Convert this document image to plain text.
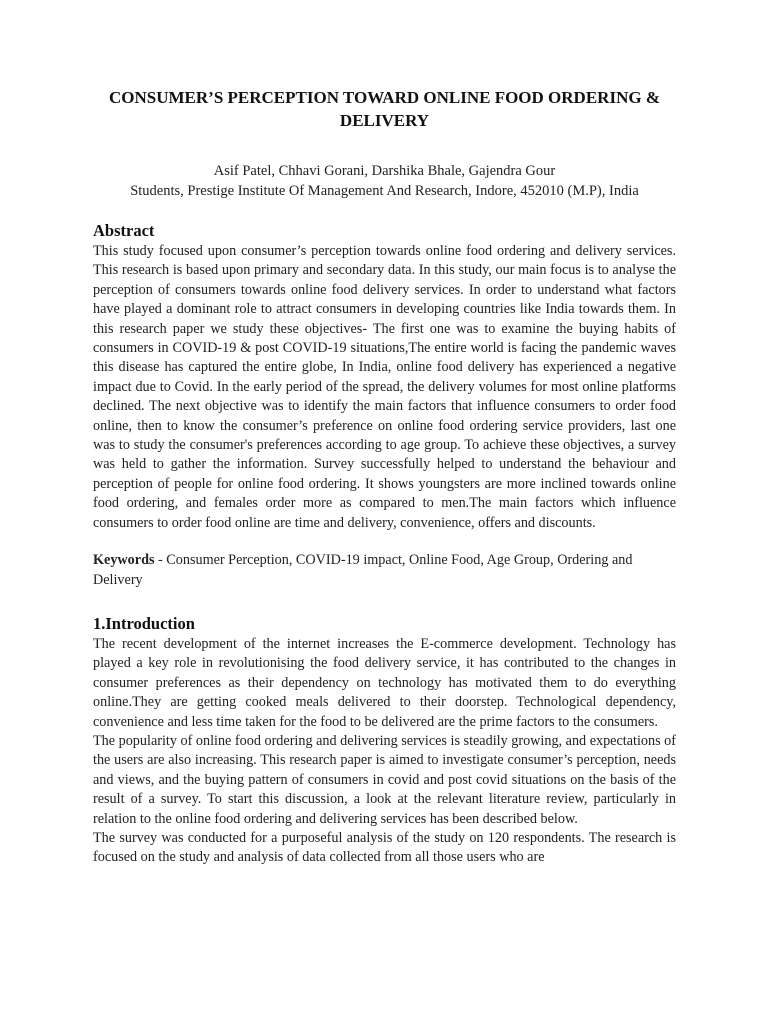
CONSUMER’S PERCEPTION TOWARD ONLINE FOOD ORDERING & DELIVERY

Asif Patel, Chhavi Gorani, Darshika Bhale, Gajendra Gour

Students, Prestige Institute Of Management And Research, Indore, 452010 (M.P), India

Abstract

This study focused upon consumer’s perception towards online food ordering and delivery services. This research is based upon primary and secondary data. In this study, our main focus is to analyse the perception of consumers towards online food delivery services. In order to understand what factors have played a dominant role to attract consumers in developing countries like India towards them. In this research paper we study these objectives- The first one was to examine the buying habits of consumers in COVID-19 & post COVID-19 situations,The entire world is facing the pandemic waves this disease has captured the entire globe, In India, online food delivery has experienced a negative impact due to Covid. In the early period of the spread, the delivery volumes for most online platforms declined. The next objective was to identify the main factors that influence consumers to order food online, then to know the consumer’s preference on online food ordering service providers, last one was to study the consumer's preferences according to age group. To achieve these objectives, a survey was held to gather the information. Survey successfully helped to understand the behaviour and perception of people for online food ordering. It shows youngsters are more inclined towards online food ordering, and females order more as compared to men.The main factors which influence consumers to order food online are time and delivery, convenience, offers and discounts.

Keywords - Consumer Perception, COVID-19 impact, Online Food, Age Group, Ordering and Delivery

1.Introduction

The recent development of the internet increases the E-commerce development. Technology has played a key role in revolutionising the food delivery service, it has contributed to the changes in consumer preferences as their dependency on technology has motivated them to do everything online.They are getting cooked meals delivered to their doorstep. Technological dependency, convenience and less time taken for the food to be delivered are the prime factors to the consumers.

The popularity of online food ordering and delivering services is steadily growing, and expectations of the users are also increasing. This research paper is aimed to investigate consumer’s perception, needs and views, and the buying pattern of consumers in covid and post covid situations on the basis of the result of a survey. To start this discussion, a look at the relevant literature review, particularly in relation to the online food ordering and delivering services has been described below.

The survey was conducted for a purposeful analysis of the study on 120 respondents. The research is focused on the study and analysis of data collected from all those users who are
